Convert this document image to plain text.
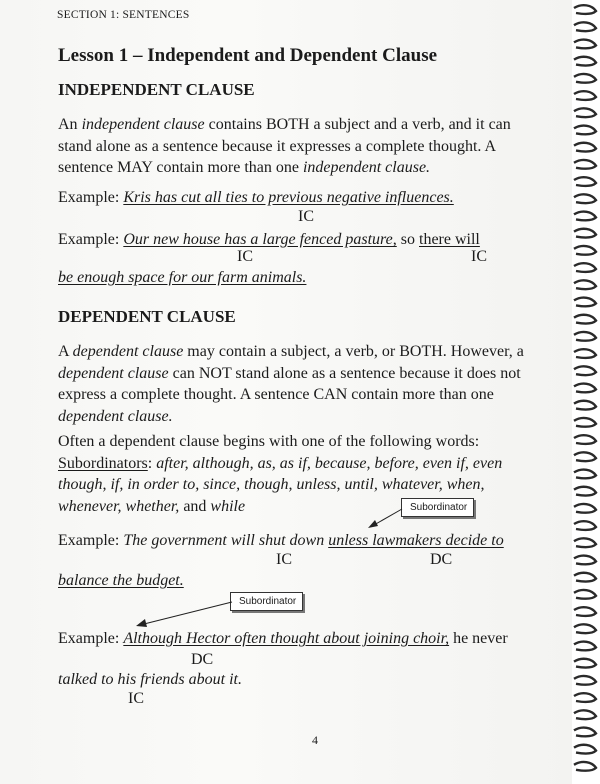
SECTION 1: SENTENCES
Lesson 1 – Independent and Dependent Clause
INDEPENDENT CLAUSE

An independent clause contains BOTH a subject and a verb, and it can

stand alone as a sentence because it expresses a complete thought. A

sentence MAY contain more than one independent clause.

Example: Kris has cut all ties to previous negative influences.
IC
Example: Our new house has a large fenced pasture, so there will
IC	IC
be enough space for our farm animals.
DEPENDENT CLAUSE

A dependent clause may contain a subject, a verb, or BOTH. However, a

dependent clause can NOT stand alone as a sentence because it does not

express a complete thought. A sentence CAN contain more than one

dependent clause.

Often a dependent clause begins with one of the following words:

Subordinators: after, although, as, as if, because, before, even if, even

though, if, in order to, since, though, unless, until, whatever, when,

whenever, whether, and while	Subordinator
Example: The government will shut down unless lawmakers decide to
IC	DC
balance the budget.
Subordinator
Example: Although Hector often thought about joining choir, he never
DC
talked to his friends about it.
IC
4
